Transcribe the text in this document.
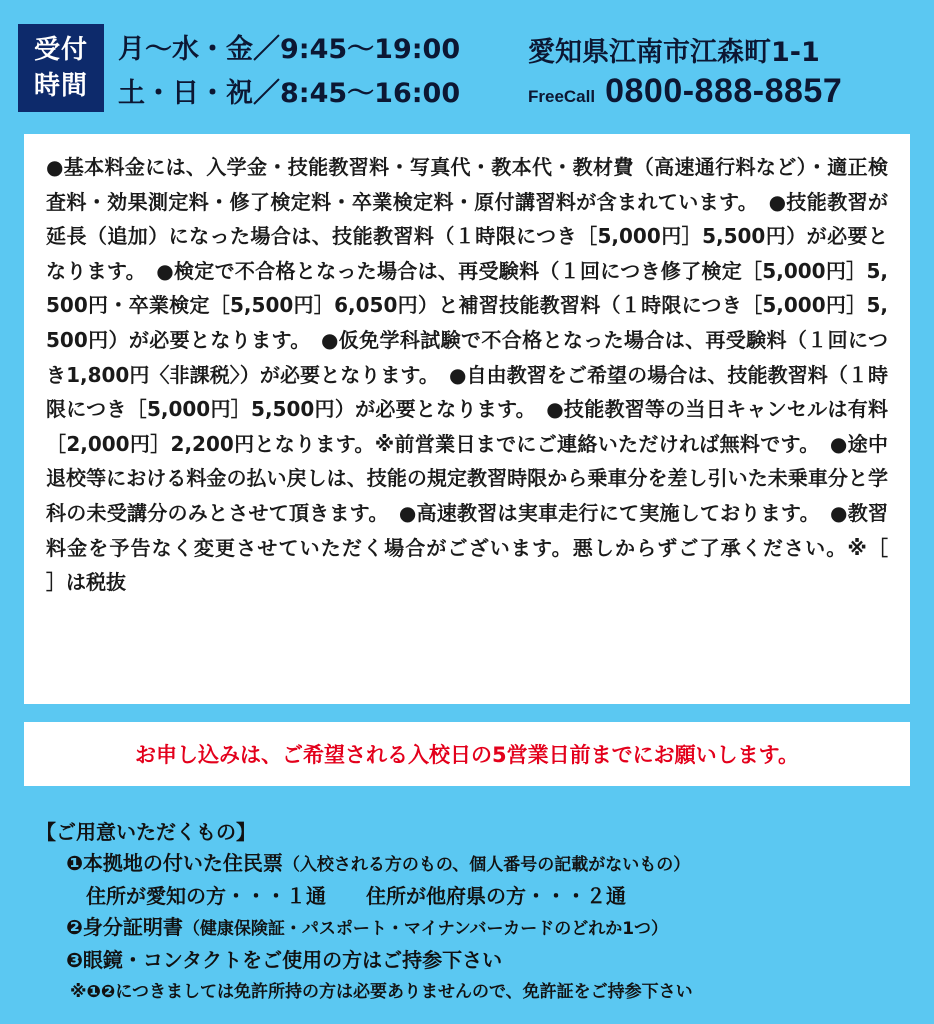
受付
時間
月〜水・金／9:45〜19:00
土・日・祝／8:45〜16:00
愛知県江南市江森町1-1
FreeCall 0800-888-8857

●基本料金には、入学金・技能教習料・写真代・教本代・教材費（高速通行料など）・適正検査料・効果測定料・修了検定料・卒業検定料・原付講習料が含まれています。　●技能教習が延長（追加）になった場合は、技能教習料（１時限につき［5,000円］5,500円）が必要となります。　●検定で不合格となった場合は、再受験料（１回につき修了検定［5,000円］5,500円・卒業検定［5,500円］6,050円）と補習技能教習料（１時限につき［5,000円］5,500円）が必要となります。　●仮免学科試験で不合格となった場合は、再受験料（１回につき1,800円〈非課税〉）が必要となります。　●自由教習をご希望の場合は、技能教習料（１時限につき［5,000円］5,500円）が必要となります。　●技能教習等の当日キャンセルは有料［2,000円］2,200円となります。※前営業日までにご連絡いただければ無料です。　●途中退校等における料金の払い戻しは、技能の規定教習時限から乗車分を差し引いた未乗車分と学科の未受講分のみとさせて頂きます。　●高速教習は実車走行にて実施しております。　●教習料金を予告なく変更させていただく場合がございます。悪しからずご了承ください。※［　　］は税抜

お申し込みは、ご希望される入校日の5営業日前までにお願いします。
【ご用意いただくもの】
❶本拠地の付いた住民票（入校される方のもの、個人番号の記載がないもの）
住所が愛知の方・・・１通 住所が他府県の方・・・２通
❷身分証明書（健康保険証・パスポート・マイナンバーカードのどれか1つ）
❸眼鏡・コンタクトをご使用の方はご持参下さい
※❶❷につきましては免許所持の方は必要ありませんので、免許証をご持参下さい
